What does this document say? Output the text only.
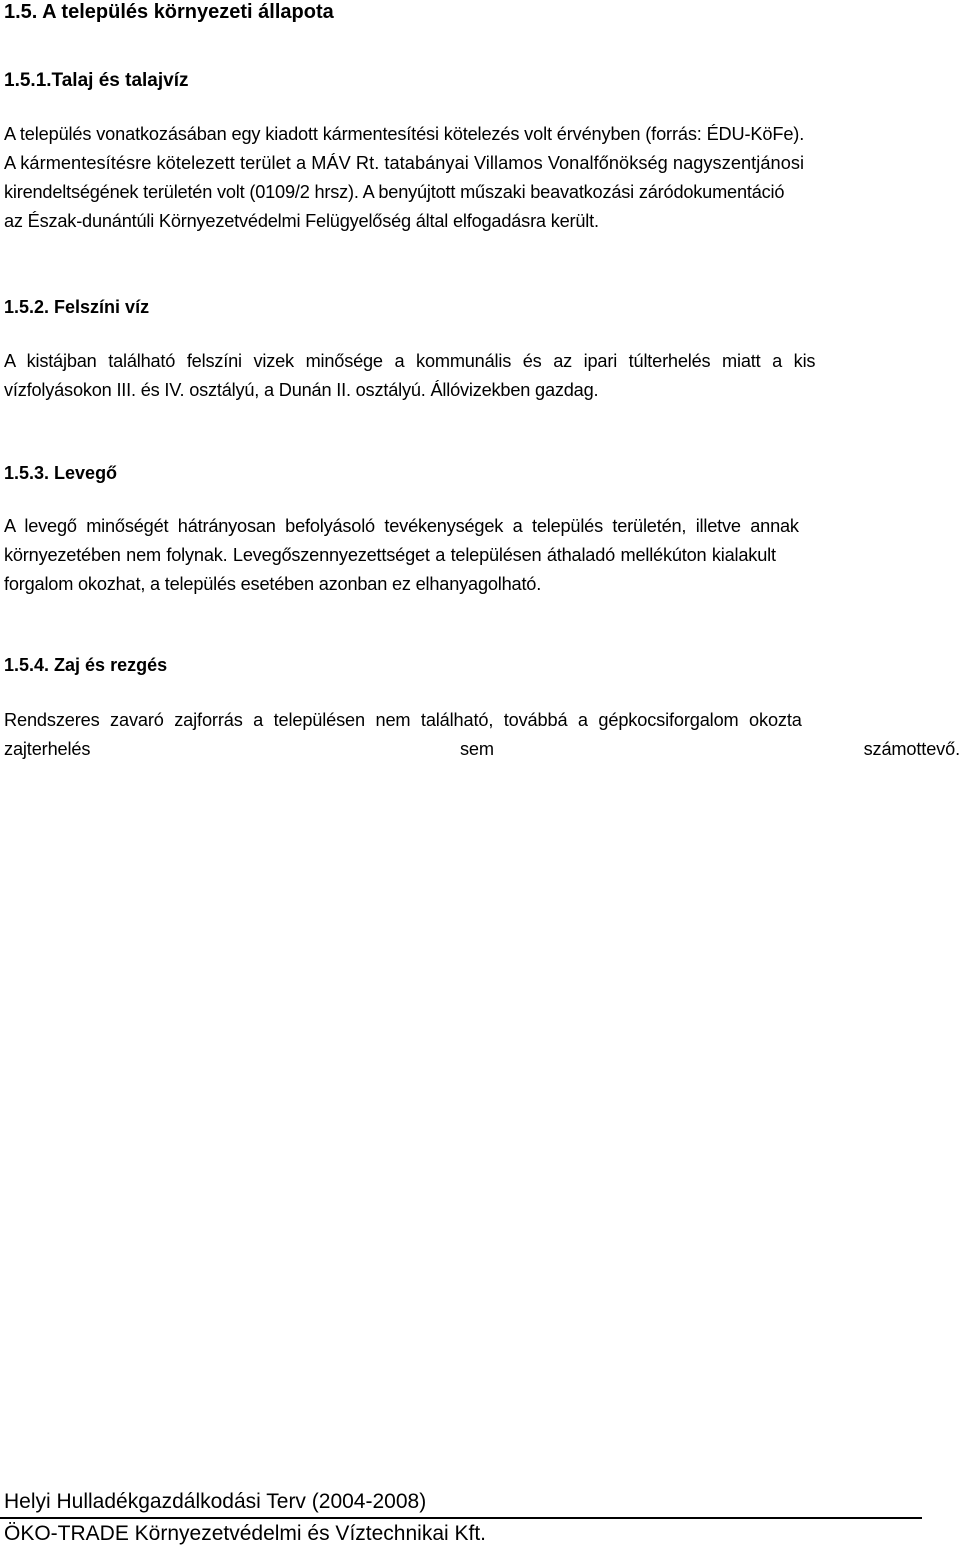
1.5. A település környezeti állapota
1.5.1.Talaj és talajvíz
A település vonatkozásában egy kiadott kármentesítési kötelezés volt érvényben (forrás: ÉDU-KöFe).
A kármentesítésre kötelezett terület a MÁV Rt. tatabányai Villamos Vonalfőnökség nagyszentjánosi
kirendeltségének területén volt (0109/2 hrsz). A benyújtott műszaki beavatkozási záródokumentáció
az Észak-dunántúli Környezetvédelmi Felügyelőség által elfogadásra került.
1.5.2. Felszíni víz
A kistájban található felszíni vizek minősége a kommunális és az ipari túlterhelés miatt a kis
vízfolyásokon III. és IV. osztályú, a Dunán II. osztályú. Állóvizekben gazdag.
1.5.3. Levegő
A levegő minőségét hátrányosan befolyásoló tevékenységek a település területén, illetve annak
környezetében nem folynak. Levegőszennyezettséget a településen áthaladó mellékúton kialakult
forgalom okozhat, a település esetében azonban ez elhanyagolható.
1.5.4. Zaj és rezgés
Rendszeres zavaró zajforrás a településen nem található, továbbá a gépkocsiforgalom okozta
zajterhelés	sem	számottevő.

Helyi Hulladékgazdálkodási Terv (2004-2008)

ÖKO-TRADE Környezetvédelmi és Víztechnikai Kft.
